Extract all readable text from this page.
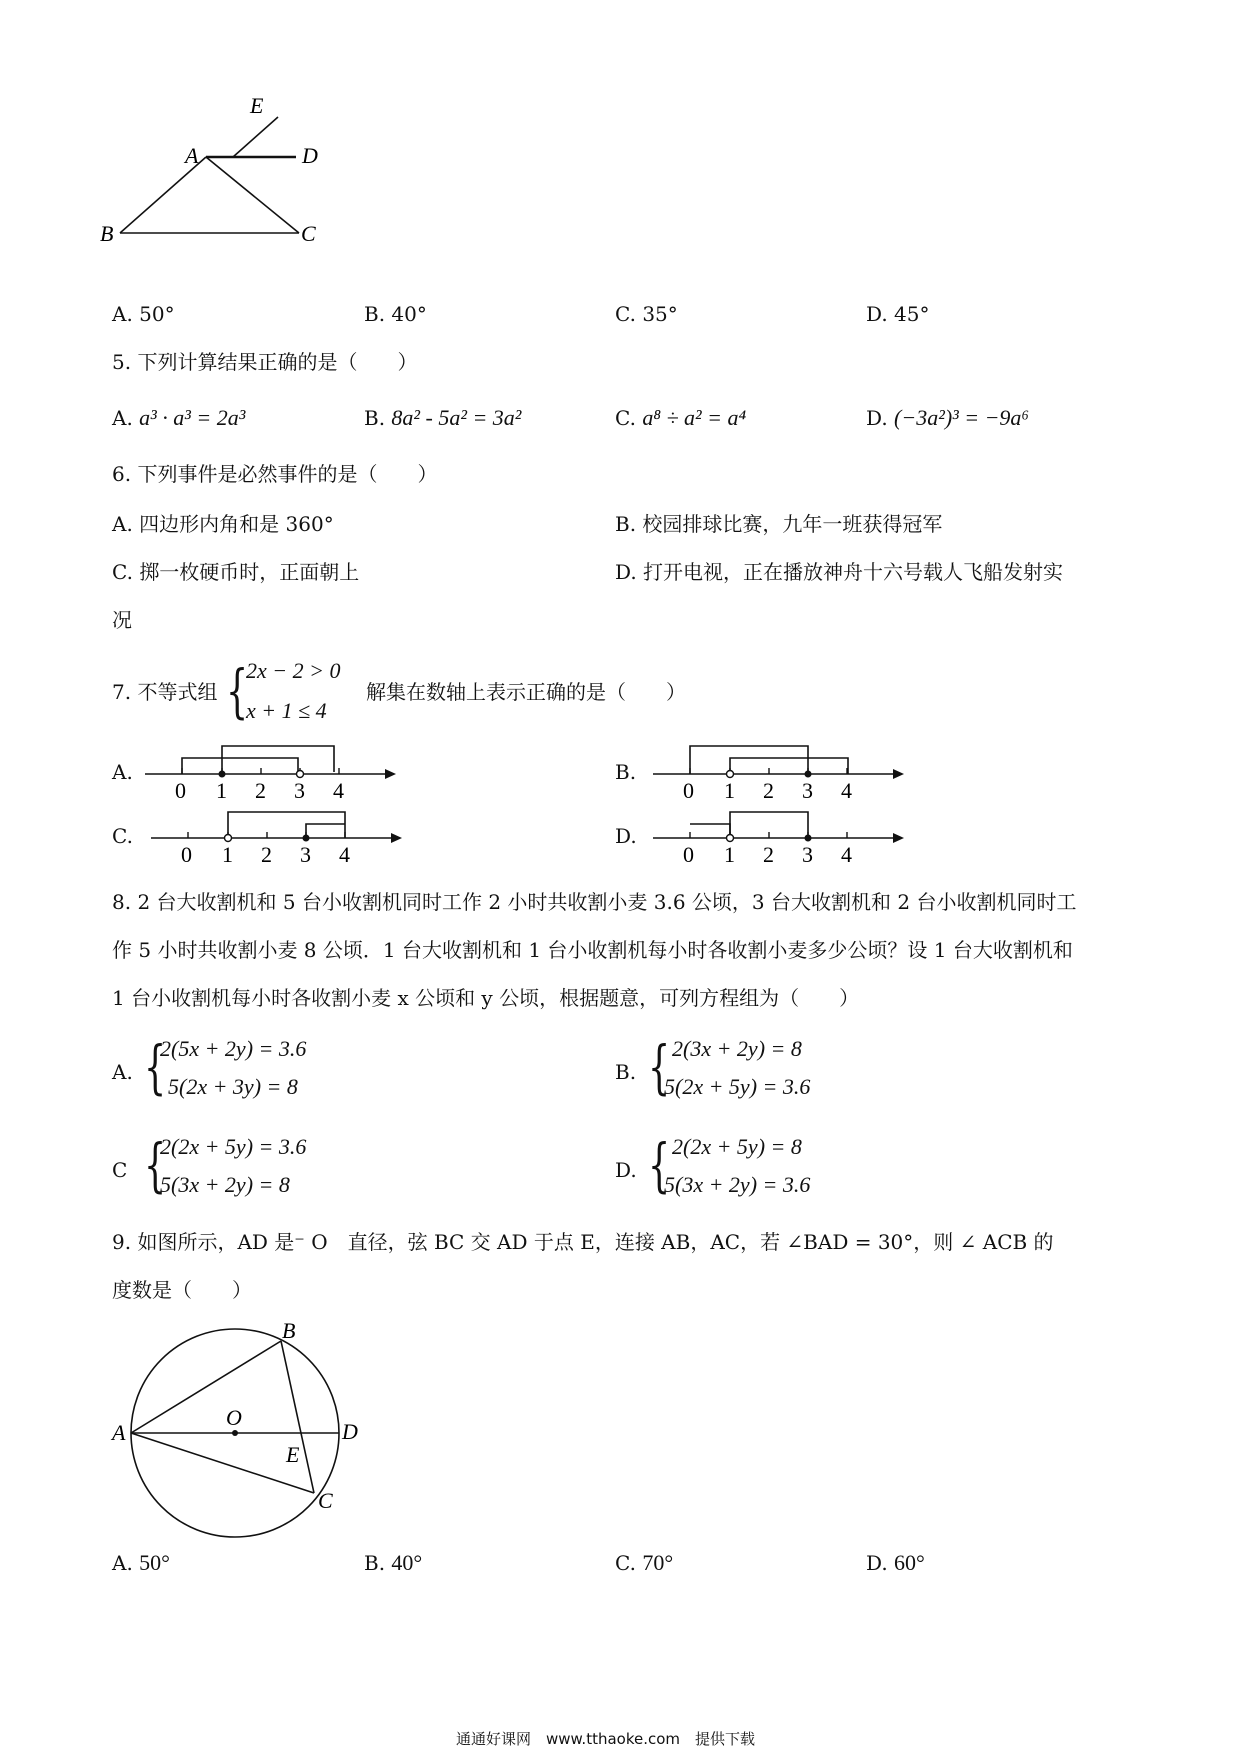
E
A	D
B	C
A. 50°	B. 40°	C. 35°	D. 45°
5. 下列计算结果正确的是（　　）
A. a³ · a³ = 2a³	B. 8a² - 5a² = 3a²	C. a⁸ ÷ a² = a⁴	D. (−3a²)³ = −9a⁶
6. 下列事件是必然事件的是（　　）
A. 四边形内角和是 360°	B. 校园排球比赛，九年一班获得冠军
C. 掷一枚硬币时，正面朝上	D. 打开电视，正在播放神舟十六号载人飞船发射实
况
7. 不等式组 {
2x − 2 > 0
x + 1 ≤ 4
解集在数轴上表示正确的是（　　）
A.
0 1 2 3 4
B.
0 1 2 3 4
C.
0 1 2 3 4
D.
0 1 2 3 4
8. 2 台大收割机和 5 台小收割机同时工作 2 小时共收割小麦 3.6 公顷，3 台大收割机和 2 台小收割机同时工
作 5 小时共收割小麦 8 公顷．1 台大收割机和 1 台小收割机每小时各收割小麦多少公顷？设 1 台大收割机和
1 台小收割机每小时各收割小麦 x 公顷和 y 公顷，根据题意，可列方程组为（　　）
A. {
2(5x + 2y) = 3.6
5(2x + 3y) = 8
B. { 2(3x + 2y) = 8
5(2x + 5y) = 3.6
C {
2(2x + 5y) = 3.6
5(3x + 2y) = 8
D. { 2(2x + 5y) = 8
5(3x + 2y) = 3.6
9. 如图所示，AD 是⁻ O　直径，弦 BC 交 AD 于点 E，连接 AB，AC，若 ∠BAD = 30°，则 ∠ ACB 的
度数是（　　）
B
O
A	D
E
C
A. 50°	B. 40°	C. 70°	D. 60°
通通好课网　www.tthaoke.com　提供下载
